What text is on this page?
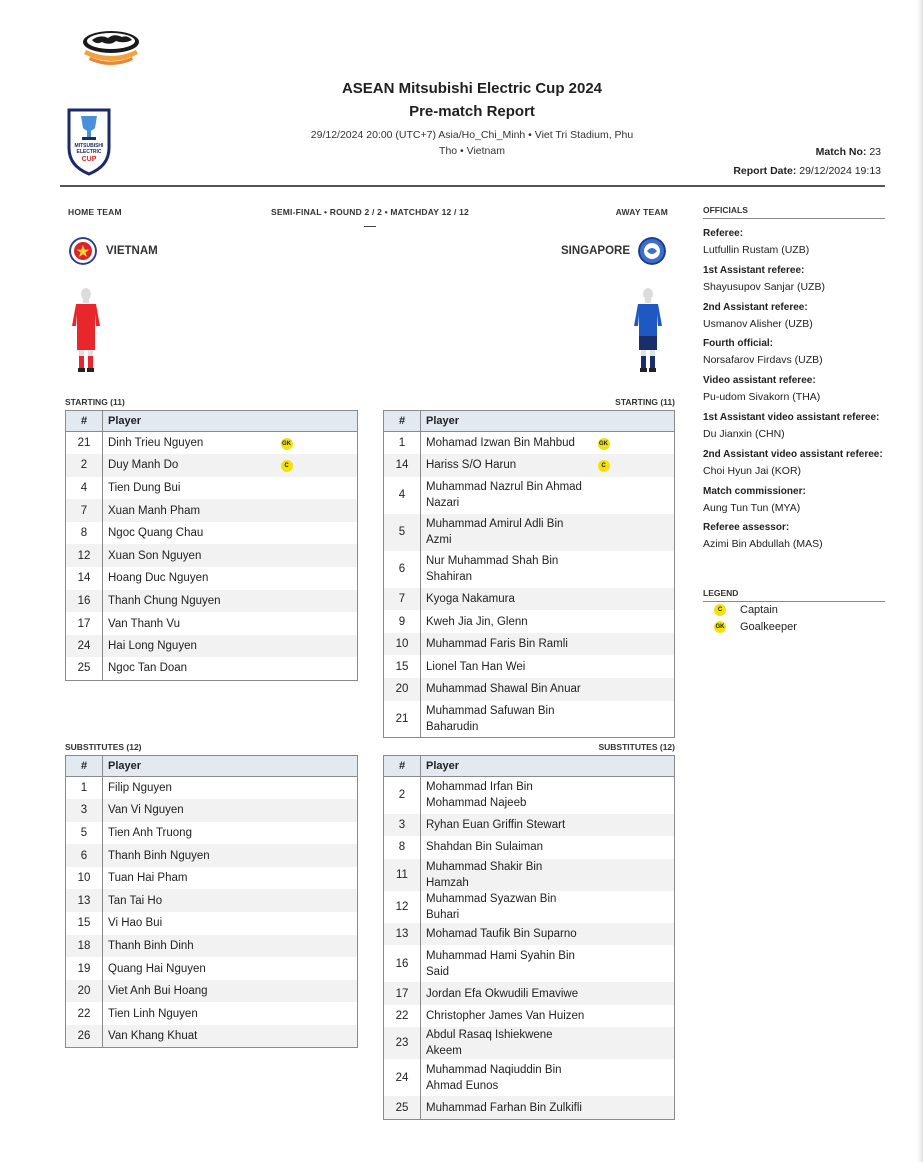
MITSUBISHI
ELECTRIC
CUP
ASEAN Mitsubishi Electric Cup 2024
Pre-match Report
29/12/2024 20:00 (UTC+7) Asia/Ho_Chi_Minh • Viet Tri Stadium, Phu
Tho • Vietnam	Match No: 23
Report Date: 29/12/2024 19:13
HOME TEAM	SEMI-FINAL • ROUND 2 / 2 • MATCHDAY 12 / 12	AWAY TEAM
VIETNAM	SINGAPORE
STARTING (11)	STARTING (11)
#	Player	
21	Dinh Trieu Nguyen	GK
2	Duy Manh Do	C
4	Tien Dung Bui	
7	Xuan Manh Pham	
8	Ngoc Quang Chau	
12	Xuan Son Nguyen	
14	Hoang Duc Nguyen	
16	Thanh Chung Nguyen	
17	Van Thanh Vu	
24	Hai Long Nguyen	
25	Ngoc Tan Doan	
#	Player	
1	Mohamad Izwan Bin Mahbud	GK
14	Hariss S/O Harun	C
4	Muhammad Nazrul Bin Ahmad Nazari	
5	Muhammad Amirul Adli Bin Azmi	
6	Nur Muhammad Shah Bin Shahiran	
7	Kyoga Nakamura	
9	Kweh Jia Jin, Glenn	
10	Muhammad Faris Bin Ramli	
15	Lionel Tan Han Wei	
20	Muhammad Shawal Bin Anuar	
21	Muhammad Safuwan Bin Baharudin	
SUBSTITUTES (12)	SUBSTITUTES (12)
#	Player	
1	Filip Nguyen	
3	Van Vi Nguyen	
5	Tien Anh Truong	
6	Thanh Binh Nguyen	
10	Tuan Hai Pham	
13	Tan Tai Ho	
15	Vi Hao Bui	
18	Thanh Binh Dinh	
19	Quang Hai Nguyen	
20	Viet Anh Bui Hoang	
22	Tien Linh Nguyen	
26	Van Khang Khuat	
#	Player	
2	Mohammad Irfan Bin Mohammad Najeeb	
3	Ryhan Euan Griffin Stewart	
8	Shahdan Bin Sulaiman	
11	Muhammad Shakir Bin Hamzah	
12	Muhammad Syazwan Bin Buhari	
13	Mohamad Taufik Bin Suparno	
16	Muhammad Hami Syahin Bin Said	
17	Jordan Efa Okwudili Emaviwe	
22	Christopher James Van Huizen	
23	Abdul Rasaq Ishiekwene Akeem	
24	Muhammad Naqiuddin Bin Ahmad Eunos	
25	Muhammad Farhan Bin Zulkifli	
OFFICIALS
Referee:
Lutfullin Rustam (UZB)
1st Assistant referee:
Shayusupov Sanjar (UZB)
2nd Assistant referee:
Usmanov Alisher (UZB)
Fourth official:
Norsafarov Firdavs (UZB)
Video assistant referee:
Pu-udom Sivakorn (THA)
1st Assistant video assistant referee:
Du Jianxin (CHN)
2nd Assistant video assistant referee:
Choi Hyun Jai (KOR)
Match commissioner:
Aung Tun Tun (MYA)
Referee assessor:
Azimi Bin Abdullah (MAS)
LEGEND
C Captain
GK Goalkeeper
